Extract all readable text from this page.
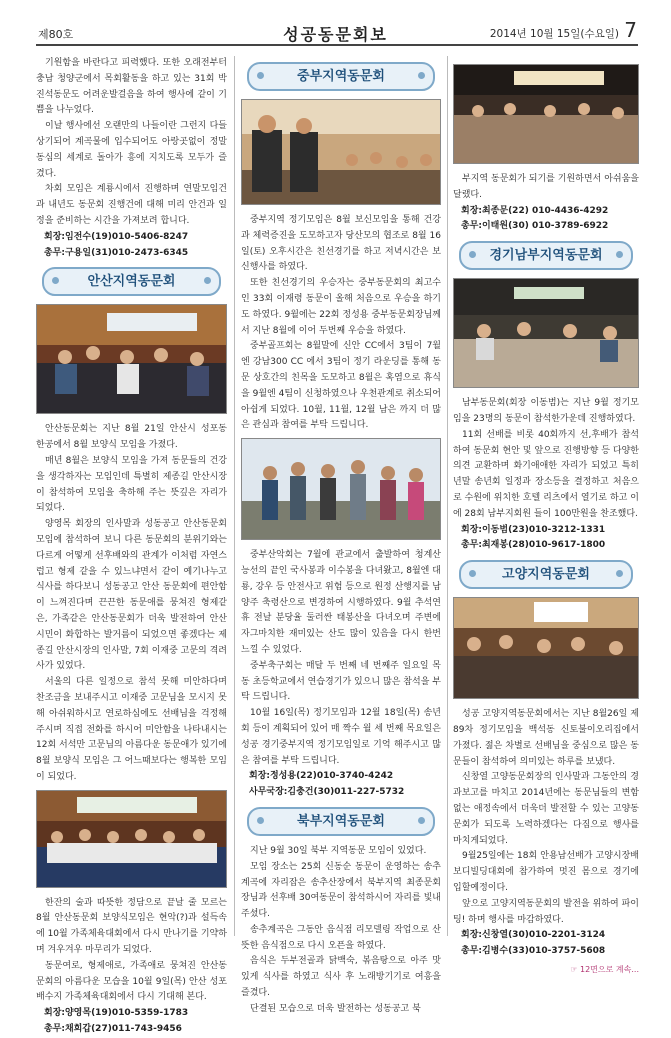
제80호	성공동문회보	2014년 10월 15일(수요일) 7

기원함을 바란다고 피력했다. 또한 오래전부터 충남 청양군에서 목회활동을 하고 있는 31회 박진석동문도 어려운발걸음을 하여 행사에 같이 기쁨을 나누었다.

이날 행사에선 오랜만의 나들이란 그런지 다들 상기되어 계곡물에 입수되어도 아랑곳없이 정말 동심의 세계로 돌아가 흥에 지치도록 모두가 즐겼다.

차회 모임은 계룡시에서 진행하며 연말모임건과 내년도 동문회 진행건에 대해 미리 안건과 일정을 준비하는 시간을 가져보려 합니다.

회장:임전수(19)010-5406-8247

총무:구용일(31)010-2473-6345

안산지역동문회

안산동문회는 지난 8월 21일 안산시 성포동 한공에서 8월 보양식 모임을 가졌다.

매년 8월은 보양식 모임을 가져 동문들의 건강을 생각하자는 모임인데 특별히 제종길 안산시장이 참석하여 모임을 축하해 주는 뜻깊은 자리가 되었다.

양영목 회장의 인사말과 성동공고 안산동문회 모임에 참석하여 보니 다른 동문회의 분위기와는 다르게 어떻게 선후배와의 관계가 이처럼 자연스럽고 형제 같을 수 있느냐면서 같이 예기나누고 식사를 하다보니 성동공고 안산 동문회에 편안함이 느껴진다며 끈끈한 동문애를 뭉쳐진 형제같은, 가족같은 안산동문회가 더욱 발전하여 안산시민이 화합하는 발거름이 되었으면 좋겠다는 제종길 안산시장의 인사말, 7회 이재중 고문의 격려사가 있었다.

서울의 다른 일정으로 참석 못해 미안하다며 찬조금을 보내주시고 이재중 고문님을 모시지 못해 아쉬워하시고 연로하심에도 선배님을 걱정해 주시며 직접 전화를 하시어 미안함을 나타내시는 12회 서석만 고문님의 아름다운 동문애가 있기에 8월 보양식 모임은 그 어느때보다는 행복한 모임이 되었다.

한잔의 술과 따뜻한 정담으로 끝날 줄 모르는 8월 안산동문회 보양식모임은 현악(?)과 설득속에 10월 가족체육대회에서 다시 만나기를 기약하며 겨우겨우 마무리가 되었다.

동문여로, 형제애로, 가족애로 뭉쳐진 안산동문회의 아름다운 모습을 10월 9일(목) 안산 성포배수지 가족체육대회에서 다시 기대해 본다.

회장:양영목(19)010-5359-1783

총무:채희갑(27)011-743-9456

중부지역동문회

중부지역 정기모임은 8월 보신모임을 통해 건강과 체력증진을 도모하고자 당산모의 협조로 8월 16일(토) 오후시간은 친선경기를 하고 저녁시간은 보신행사를 하였다.

또한 친선경기의 우승자는 중부동문회의 최고수인 33회 이재령 동문이 올해 처음으로 우승을 하기도 하였다. 9월에는 22회 정성용 중부동문회장님께서 지난 8월에 이어 두번째 우승을 하였다.

중부골프회는 8월말에 신안 CC에서 3팀이 7월엔 강남300 CC 에서 3팀이 정기 라운딩를 통해 동문 상호간의 친목을 도모하고 8월은 혹염으로 휴식을 9월엔 4팀이 신청하였으나 우천관계로 취소되어 아쉽게 되었다. 10월, 11월, 12월 남은 까지 더 많은 관심과 참여를 부탁 드립니다.

중부산악회는 7월에 관교에서 출발하여 청계산 능선의 끝인 국사봉과 이수봉을 다녀왔고, 8월엔 대룡, 강우 등 안전사고 위험 등으로 원정 산행지를 남양주 축령산으로 변경하여 시행하였다. 9월 추석연휴 전날 분당율 둘러싼 태봉산을 다녀오며 주변에 자그마치한 재미있는 산도 많이 있음을 다시 한번 느낄 수 있었다.

중부축구회는 매달 두 번째 네 번째주 일요일 목동 초등학교에서 연습경기가 있으니 많은 참석을 부탁 드립니다.

10월 16일(목) 정기모임과 12월 18일(목) 송년회 등이 계획되어 있어 매 짝수 월 세 번째 목요일은 성공 경기중부지역 정기모임일로 기억 해주시고 많은 참여를 부탁 드립니다.

회장:정성용(22)010-3740-4242

사무국장:김충건(30)011-227-5732

북부지역동문회

지난 9월 30일 북부 지역동문 모임이 있었다.

모임 장소는 25회 신동순 동문이 운영하는 송추계곡에 자리잡은 송추산장에서 북부지역 최종문회장님과 선후배 30여동문이 참석하시어 자리를 빛내주셨다.

송추계곡은 그동안 음식점 리모델링 작업으로 산뜻한 음식점으로 다시 오픈을 하였다.

음식은 두부전골과 닭백숙, 볶음탕으로 아주 맛있게 식사를 하였고 식사 후 노래방기기로 여흥을 즐겼다.

단결된 모습으로 더욱 발전하는 성동공고 북

부지역 동문회가 되기를 기원하면서 아쉬움을 달랬다.

회장:최종문(22) 010-4436-4292

총무:이태원(30) 010-3789-6922

경기남부지역동문회

남부동문회(회장 이동범)는 지난 9월 정기모임을 23명의 동문이 참석한가운데 진행하였다.

11회 선배를 비롯 40회까지 선,후배가 참석하여 동문회 현안 및 앞으로 진행방향 등 다양한 의견 교환하며 화기애애한 자리가 되었고 특히 년말 송년회 일정과 장소등을 결정하고 처음으로 수원에 위치한 호텔 리츠에서 열기로 하고 이에 28회 남부지회원 들이 100만원을 찬조했다.

회장:이동범(23)010-3212-1331

총무:최재봉(28)010-9617-1800

고양지역동문회

성공 고양지역동문회에서는 지난 8월26일 제89차 정기모임을 백석동 신토불이오리집에서 가졌다. 젊은 차별로 선배님을 중심으로 많은 동문들이 참석하여 의미있는 하루를 보냈다.

신창열 고양동문회장의 인사말과 그동안의 경과보고를 마치고 2014년에는 동문님들의 변함없는 애정속에서 더욱더 발전할 수 있는 고양동문회가 되도록 노력하겠다는 다짐으로 행사를 마치게되었다.

9월25일에는 18회 안용남선배가 고양시장배 보디빌딩대회에 참가하여 멋진 몸으로 경기에 입할예정이다.

앞으로 고양지역동문회의 발전을 위하여 파이팅! 하며 행사를 마감하였다.

회장:신창열(30)010-2201-3124

총무:김병수(33)010-3757-5608

☞ 12면으로 계속...
